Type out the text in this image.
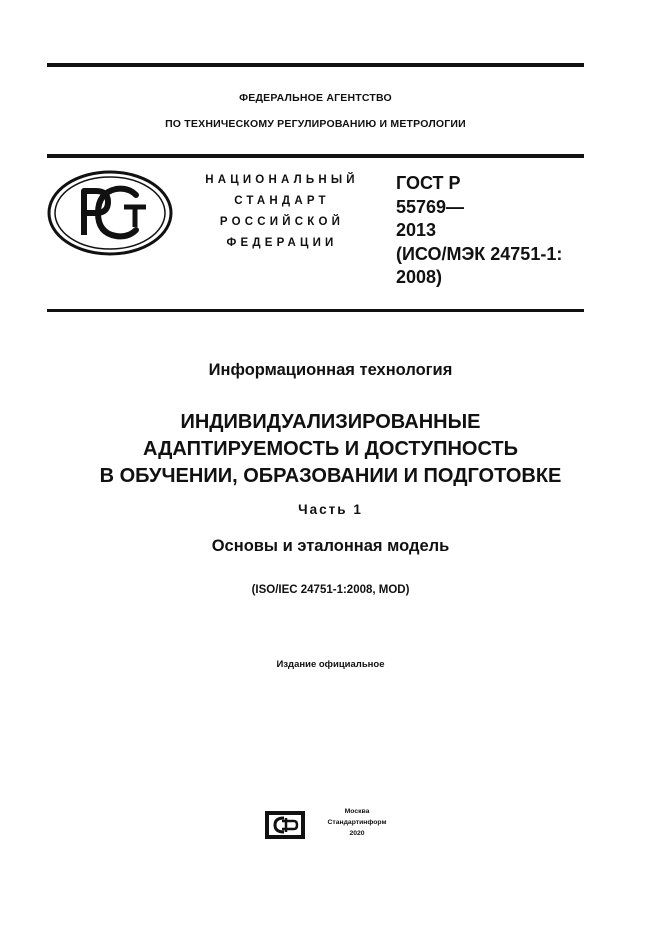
ФЕДЕРАЛЬНОЕ АГЕНТСТВО
ПО ТЕХНИЧЕСКОМУ РЕГУЛИРОВАНИЮ И МЕТРОЛОГИИ
НАЦИОНАЛЬНЫЙ
СТАНДАРТ
РОССИЙСКОЙ
ФЕДЕРАЦИИ
ГОСТ Р
55769—
2013
(ИСО/МЭК 24751-1:
2008)
Информационная технология
ИНДИВИДУАЛИЗИРОВАННЫЕ
АДАПТИРУЕМОСТЬ И ДОСТУПНОСТЬ
В ОБУЧЕНИИ, ОБРАЗОВАНИИ И ПОДГОТОВКЕ
Часть 1
Основы и эталонная модель
(ISO/IEC 24751-1:2008, MOD)
Издание официальное
Москва
Стандартинформ
2020
